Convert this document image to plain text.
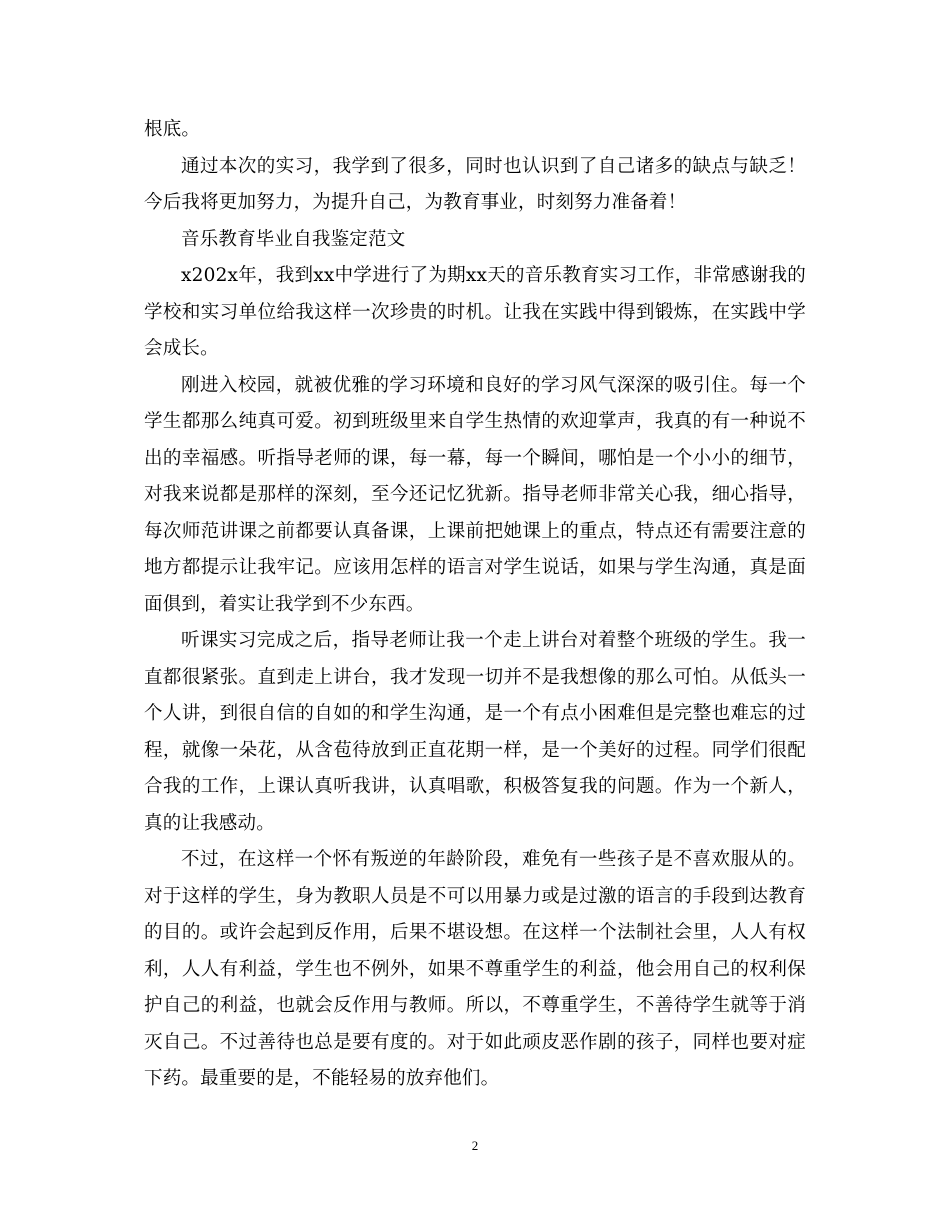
根底。

通过本次的实习，我学到了很多，同时也认识到了自己诸多的缺点与缺乏！今后我将更加努力，为提升自己，为教育事业，时刻努力准备着！

音乐教育毕业自我鉴定范文

x202x年，我到xx中学进行了为期xx天的音乐教育实习工作，非常感谢我的学校和实习单位给我这样一次珍贵的时机。让我在实践中得到锻炼，在实践中学会成长。

刚进入校园，就被优雅的学习环境和良好的学习风气深深的吸引住。每一个学生都那么纯真可爱。初到班级里来自学生热情的欢迎掌声，我真的有一种说不出的幸福感。听指导老师的课，每一幕，每一个瞬间，哪怕是一个小小的细节，对我来说都是那样的深刻，至今还记忆犹新。指导老师非常关心我，细心指导，每次师范讲课之前都要认真备课，上课前把她课上的重点，特点还有需要注意的地方都提示让我牢记。应该用怎样的语言对学生说话，如果与学生沟通，真是面面俱到，着实让我学到不少东西。

听课实习完成之后，指导老师让我一个走上讲台对着整个班级的学生。我一直都很紧张。直到走上讲台，我才发现一切并不是我想像的那么可怕。从低头一个人讲，到很自信的自如的和学生沟通，是一个有点小困难但是完整也难忘的过程，就像一朵花，从含苞待放到正直花期一样，是一个美好的过程。同学们很配合我的工作，上课认真听我讲，认真唱歌，积极答复我的问题。作为一个新人，真的让我感动。

不过，在这样一个怀有叛逆的年龄阶段，难免有一些孩子是不喜欢服从的。对于这样的学生，身为教职人员是不可以用暴力或是过激的语言的手段到达教育的目的。或许会起到反作用，后果不堪设想。在这样一个法制社会里，人人有权利，人人有利益，学生也不例外，如果不尊重学生的利益，他会用自己的权利保护自己的利益，也就会反作用与教师。所以，不尊重学生，不善待学生就等于消灭自己。不过善待也总是要有度的。对于如此顽皮恶作剧的孩子，同样也要对症下药。最重要的是，不能轻易的放弃他们。

2
